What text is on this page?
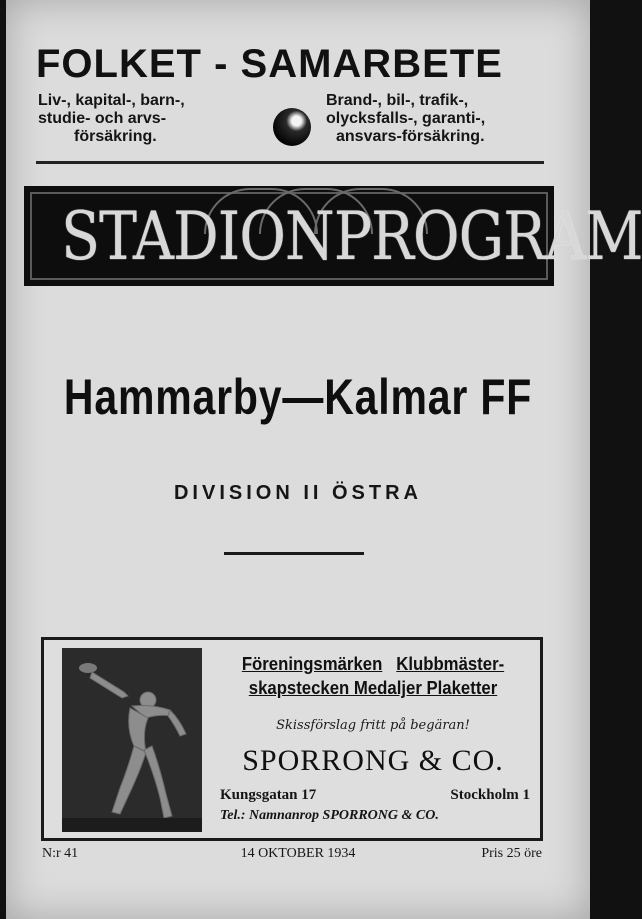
FOLKET - SAMARBETE
Liv-, kapital-, barn-,
studie- och arvs-
försäkring.
Brand-, bil-, trafik-,
olycksfalls-, garanti-,
ansvars-försäkring.
STADIONPROGRAM
Hammarby—Kalmar FF
DIVISION II ÖSTRA
Föreningsmärken Klubbmäster-
skapstecken Medaljer Plaketter
Skissförslag fritt på begäran!
SPORRONG & CO.
Kungsgatan 17	Stockholm 1
Tel.: Namnanrop SPORRONG & CO.
N:r 41	14 OKTOBER 1934	Pris 25 öre
